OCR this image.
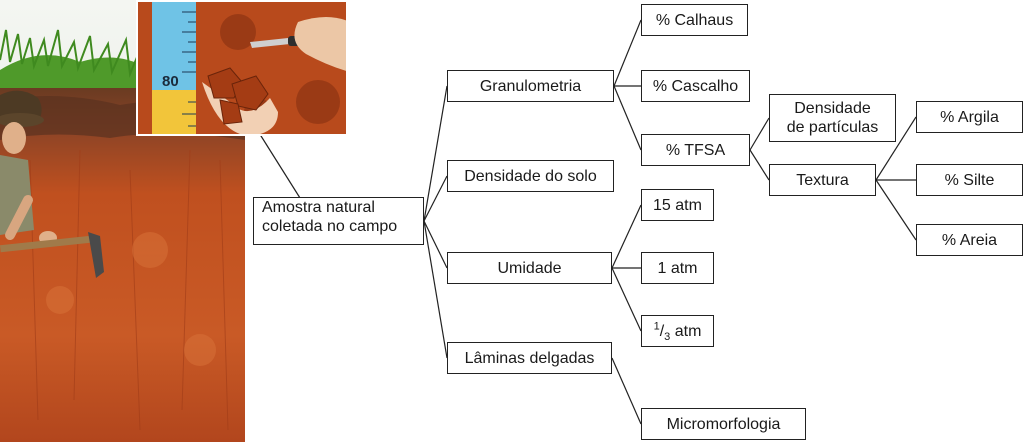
80
Amostra natural
coletada no campo
Granulometria
Densidade do solo
Umidade
Lâminas delgadas
% Calhaus
% Cascalho
% TFSA
Densidade
de partículas
Textura
% Argila
% Silte
% Areia
15 atm
1 atm
$^1/_3$ atm
Micromorfologia
